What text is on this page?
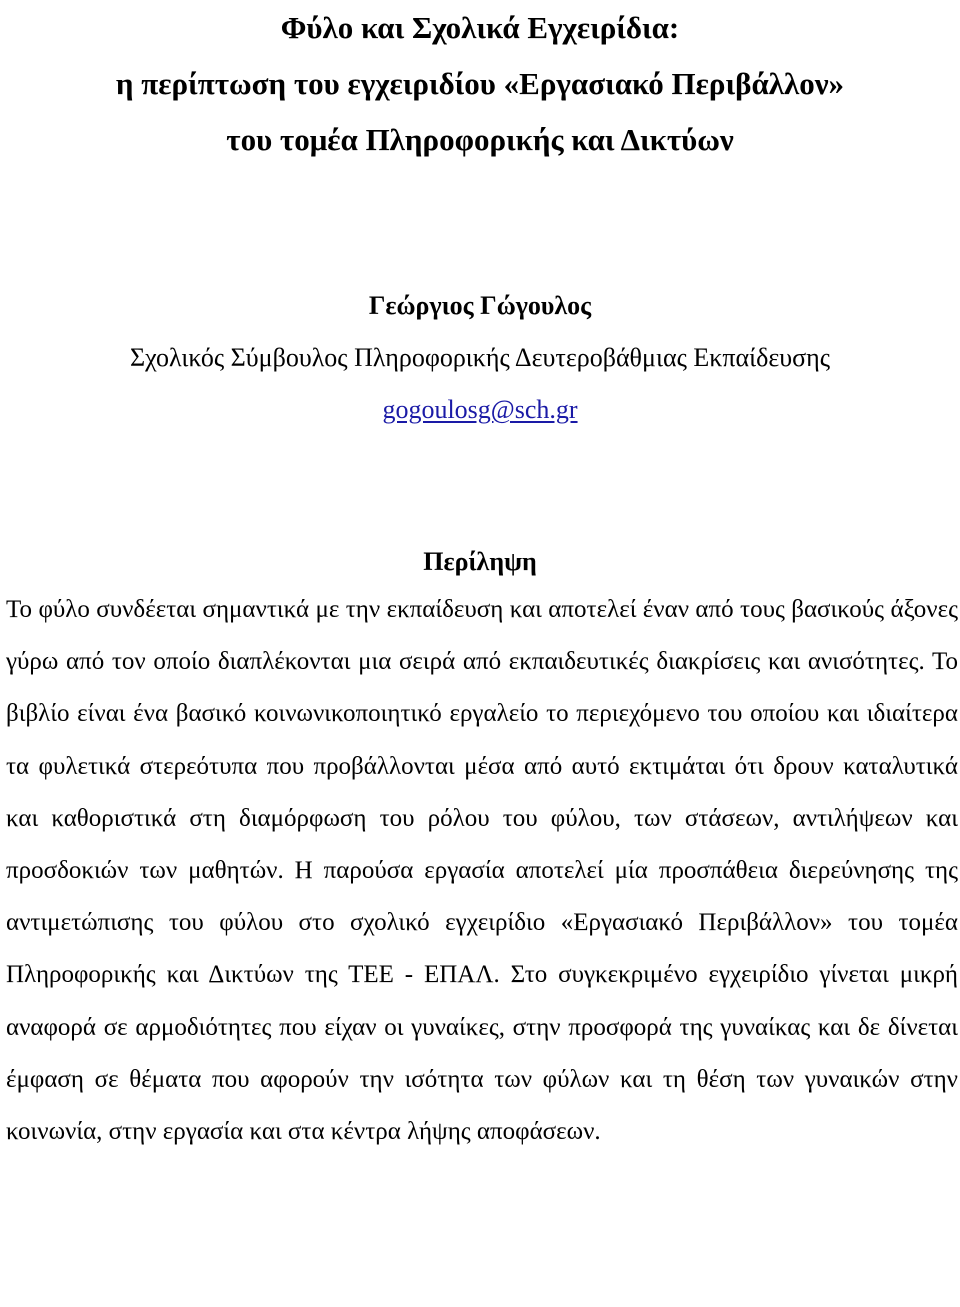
Φύλο και Σχολικά Εγχειρίδια:
η περίπτωση του εγχειριδίου «Εργασιακό Περιβάλλον»
του τομέα Πληροφορικής και Δικτύων
Γεώργιος Γώγουλος
Σχολικός Σύμβουλος Πληροφορικής Δευτεροβάθμιας Εκπαίδευσης
gogoulosg@sch.gr
Περίληψη

Το φύλο συνδέεται σημαντικά με την εκπαίδευση και αποτελεί έναν από τους βασικούς άξονες γύρω από τον οποίο διαπλέκονται μια σειρά από εκπαιδευτικές διακρίσεις και ανισότητες. Το βιβλίο είναι ένα βασικό κοινωνικοποιητικό εργαλείο το περιεχόμενο του οποίου και ιδιαίτερα τα φυλετικά στερεότυπα που προβάλλονται μέσα από αυτό εκτιμάται ότι δρουν καταλυτικά και καθοριστικά στη διαμόρφωση του ρόλου του φύλου, των στάσεων, αντιλήψεων και προσδοκιών των μαθητών. Η παρούσα εργασία αποτελεί μία προσπάθεια διερεύνησης της αντιμετώπισης του φύλου στο σχολικό εγχειρίδιο «Εργασιακό Περιβάλλον» του τομέα Πληροφορικής και Δικτύων της ΤΕΕ - ΕΠΑΛ. Στο συγκεκριμένο εγχειρίδιο γίνεται μικρή αναφορά σε αρμοδιότητες που είχαν οι γυναίκες, στην προσφορά της γυναίκας και δε δίνεται έμφαση σε θέματα που αφορούν την ισότητα των φύλων και τη θέση των γυναικών στην κοινωνία, στην εργασία και στα κέντρα λήψης αποφάσεων.
